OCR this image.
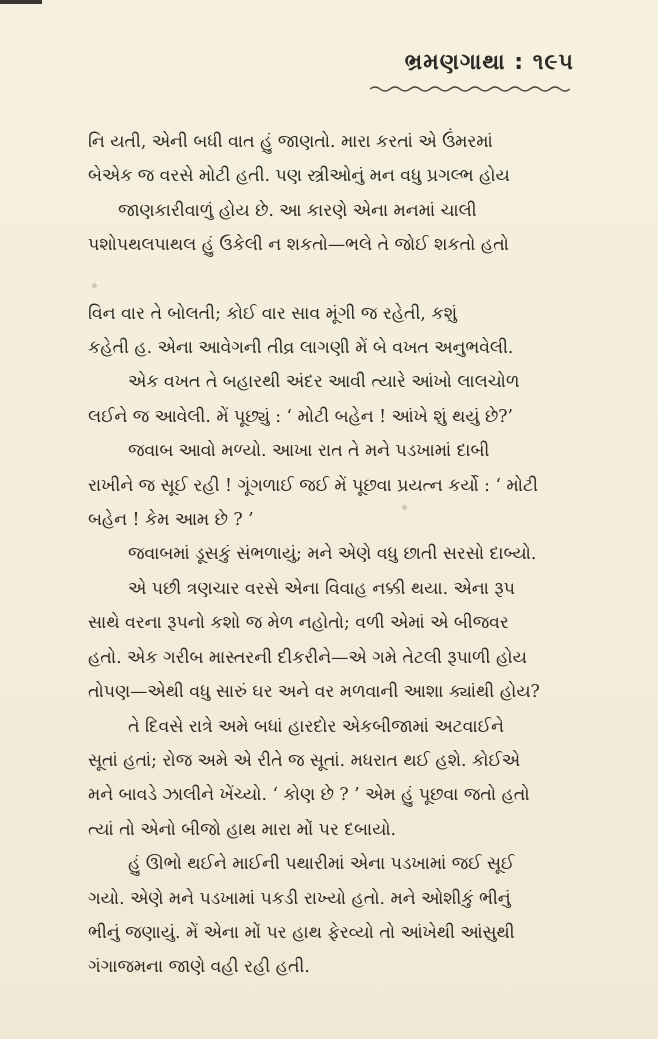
ભ્રમણગાથા : ૧૯૫

નિ યતી, એની બધી વાત હું જાણતો. મારા કરતાં એ ઉંમરમાં
બેએક જ વરસે મોટી હતી. પણ સ્ત્રીઓનું મન વધુ પ્રગલ્ભ હોય
જાણકારીવાળું હોય છે. આ કારણે એના મનમાં ચાલી
પશોપથલપાથલ હું ઉકેલી ન શકતો—ભલે તે જોઈ શકતો હતો

વિન વાર તે બોલતી; કોઈ વાર સાવ મૂંગી જ રહેતી, કશું
કહેતી હ. એના આવેગની તીવ્ર લાગણી મેં બે વખત અનુભવેલી.

એક વખત તે બહારથી અંદર આવી ત્યારે આંખો લાલચોળ
લઈને જ આવેલી. મેં પૂછ્યું : ‘ મોટી બહેન ! આંખે શું થયું છે?’

જવાબ આવો મળ્યો. આખા રાત તે મને પડખામાં દાબી
રાખીને જ સૂઈ રહી ! ગૂંગળાઈ જઈ મેં પૂછવા પ્રયત્ન કર્યો : ‘ મોટી
બહેન ! કેમ આમ છે ? ’

જવાબમાં ડૂસકું સંભળાયું; મને એણે વધુ છાતી સરસો દાબ્યો.

એ પછી ત્રણચાર વરસે એના વિવાહ નક્કી થયા. એના રૂપ
સાથે વરના રૂપનો કશો જ મેળ નહોતો; વળી એમાં એ બીજવર
હતો. એક ગરીબ માસ્તરની દીકરીને—એ ગમે તેટલી રૂપાળી હોય
તોપણ—એથી વધુ સારું ઘર અને વર મળવાની આશા ક્યાંથી હોય?

તે દિવસે રાત્રે અમે બધાં હારદોર એકબીજામાં અટવાઈને
સૂતાં હતાં; રોજ અમે એ રીતે જ સૂતાં. મધરાત થઈ હશે. કોઈએ
મને બાવડે ઝાલીને ખેંચ્યો. ‘ કોણ છે ? ’ એમ હું પૂછવા જતો હતો
ત્યાં તો એનો બીજો હાથ મારા મોં પર દબાયો.

હું ઊભો થઈને માઈની પથારીમાં એના પડખામાં જઈ સૂઈ
ગયો. એણે મને પડખામાં પકડી રાખ્યો હતો. મને ઓશીકું ભીનું
ભીનું જણાયું. મેં એના મોં પર હાથ ફેરવ્યો તો આંખેથી આંસુથી
ગંગાજમના જાણે વહી રહી હતી.
